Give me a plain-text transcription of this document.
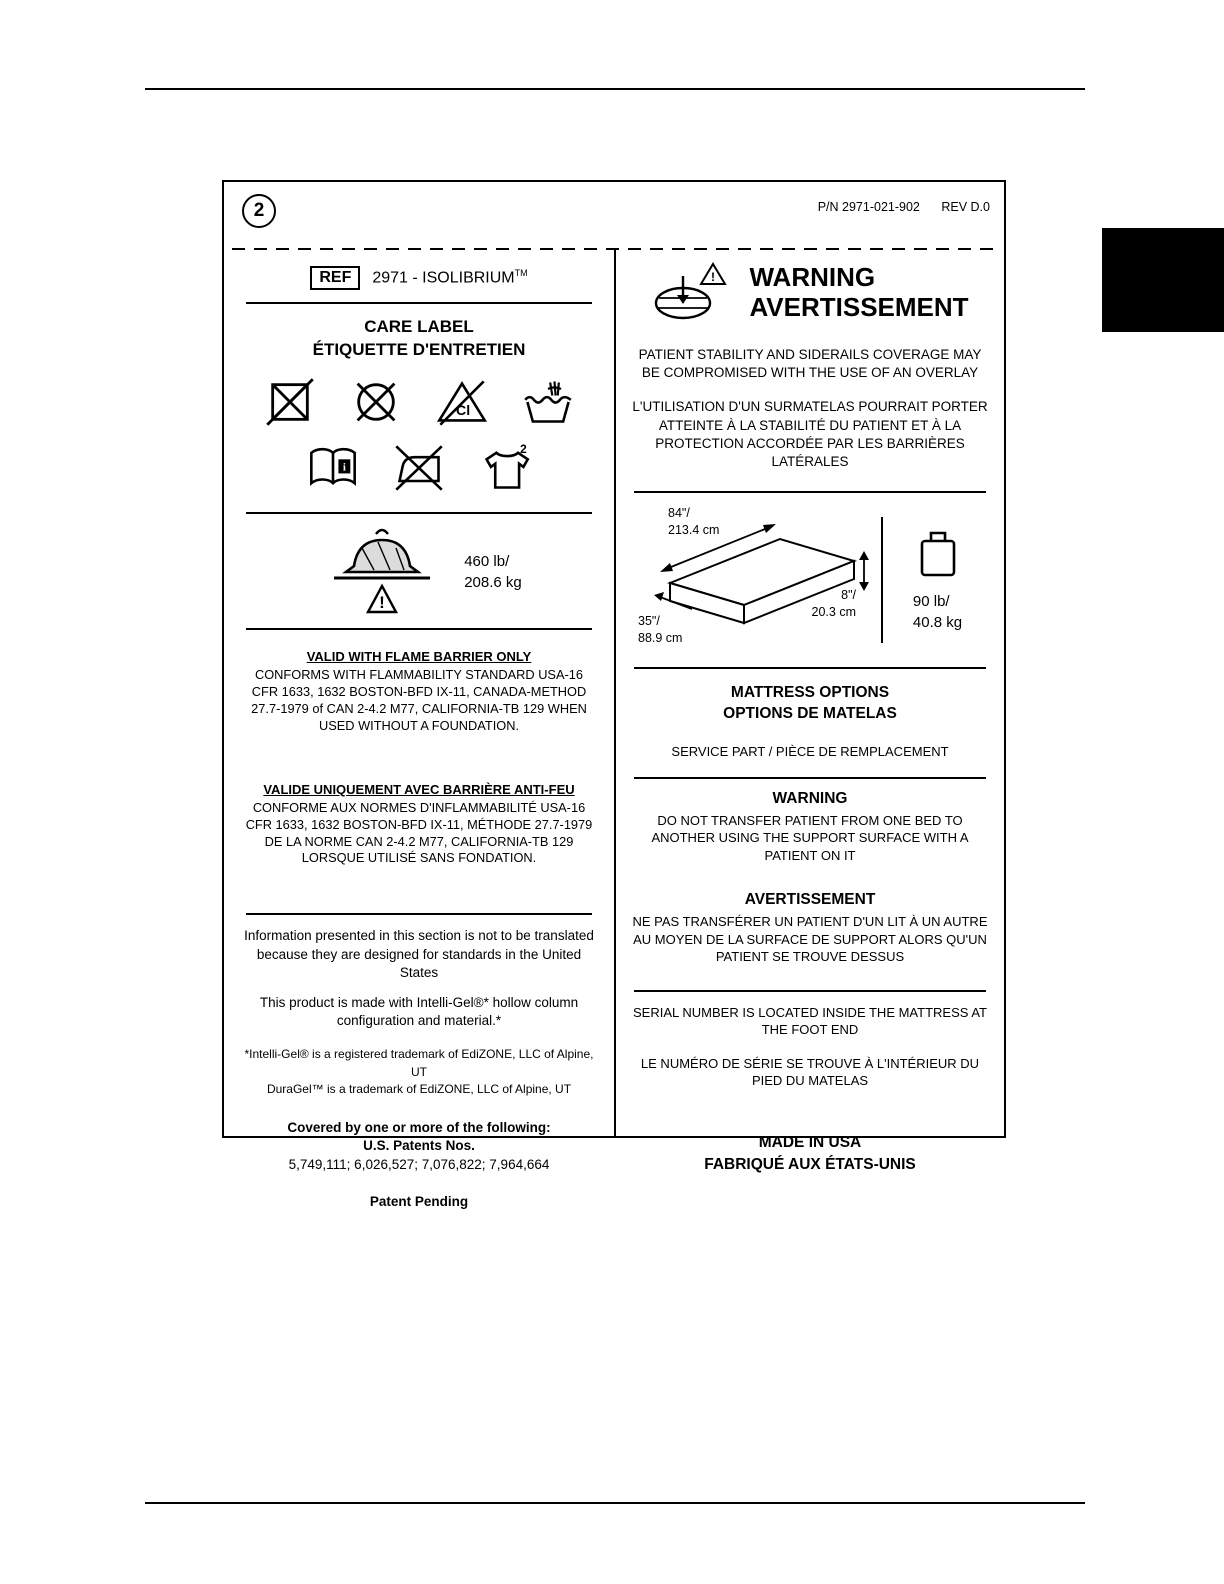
2	P/N 2971-021-902 REV D.0
REF	2971 - ISOLIBRIUM™
CARE LABEL
ÉTIQUETTE D'ENTRETIEN
Cl
i
2
!
460 lb/
208.6 kg
VALID WITH FLAME BARRIER ONLY
CONFORMS WITH FLAMMABILITY STANDARD USA-16 CFR 1633, 1632 BOSTON-BFD IX-11, CANADA-METHOD 27.7-1979 of CAN 2-4.2 M77, CALIFORNIA-TB 129 WHEN USED WITHOUT A FOUNDATION.
VALIDE UNIQUEMENT AVEC BARRIÈRE ANTI-FEU
CONFORME AUX NORMES D'INFLAMMABILITÉ USA-16 CFR 1633, 1632 BOSTON-BFD IX-11, MÉTHODE 27.7-1979 DE LA NORME CAN 2-4.2 M77, CALIFORNIA-TB 129 LORSQUE UTILISÉ SANS FONDATION.
Information presented in this section is not to be translated because they are designed for standards in the United States
This product is made with Intelli-Gel®* hollow column configuration and material.*
*Intelli-Gel® is a registered trademark of EdiZONE, LLC of Alpine, UT
DuraGel™ is a trademark of EdiZONE, LLC of Alpine, UT
Covered by one or more of the following:
U.S. Patents Nos.
5,749,111; 6,026,527; 7,076,822; 7,964,664
Patent Pending
! WARNING
AVERTISSEMENT
PATIENT STABILITY AND SIDERAILS COVERAGE MAY BE COMPROMISED WITH THE USE OF AN OVERLAY
L'UTILISATION D'UN SURMATELAS POURRAIT PORTER ATTEINTE À LA STABILITÉ DU PATIENT ET À LA PROTECTION ACCORDÉE PAR LES BARRIÈRES LATÉRALES
84"/
213.4 cm
35"/
88.9 cm
8"/
20.3 cm
90 lb/
40.8 kg
MATTRESS OPTIONS
OPTIONS DE MATELAS
SERVICE PART / PIÈCE DE REMPLACEMENT
WARNING
DO NOT TRANSFER PATIENT FROM ONE BED TO ANOTHER USING THE SUPPORT SURFACE WITH A PATIENT ON IT
AVERTISSEMENT
NE PAS TRANSFÉRER UN PATIENT D'UN LIT À UN AUTRE AU MOYEN DE LA SURFACE DE SUPPORT ALORS QU'UN PATIENT SE TROUVE DESSUS
SERIAL NUMBER IS LOCATED INSIDE THE MATTRESS AT THE FOOT END
LE NUMÉRO DE SÉRIE SE TROUVE À L'INTÉRIEUR DU PIED DU MATELAS
MADE IN USA
FABRIQUÉ AUX ÉTATS-UNIS
